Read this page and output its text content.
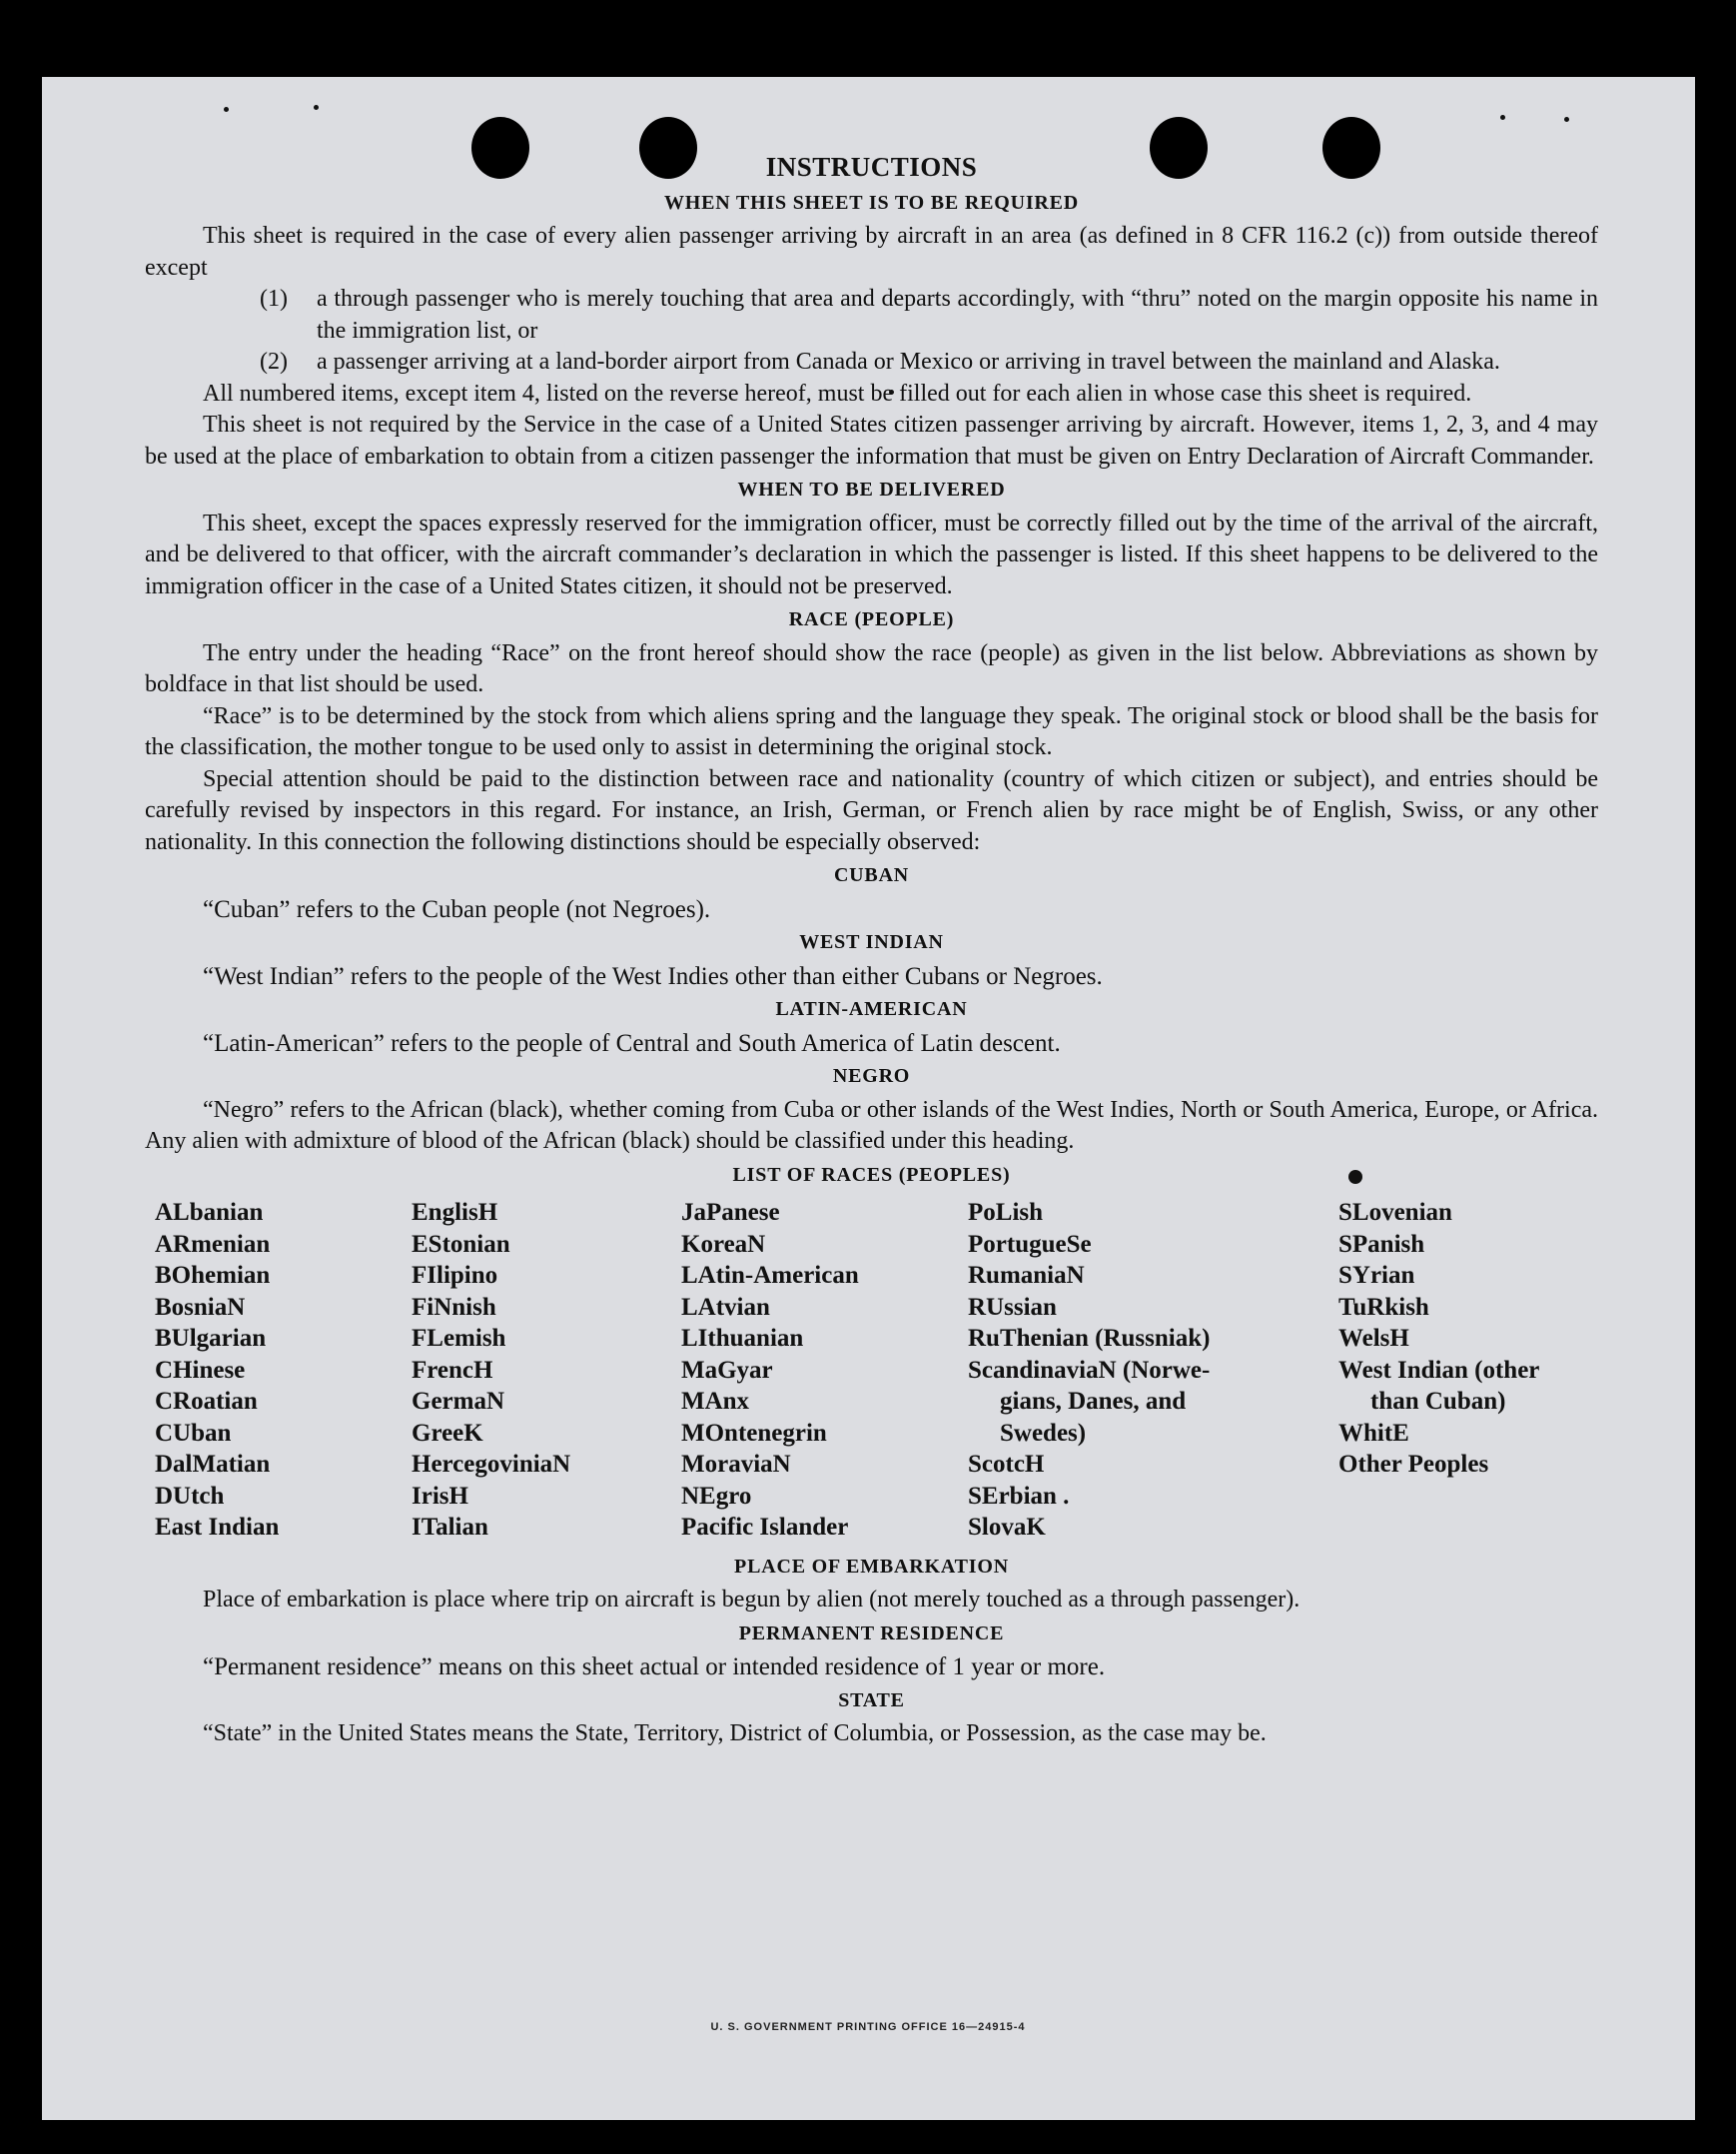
INSTRUCTIONS
WHEN THIS SHEET IS TO BE REQUIRED

This sheet is required in the case of every alien passenger arriving by aircraft in an area (as defined in 8 CFR 116.2 (c)) from outside thereof except

(1)	a through passenger who is merely touching that area and departs accordingly, with “thru” noted on the margin opposite his name in the immigration list, or
(2)	a passenger arriving at a land-border airport from Canada or Mexico or arriving in travel between the mainland and Alaska.

All numbered items, except item 4, listed on the reverse hereof, must be filled out for each alien in whose case this sheet is required.

This sheet is not required by the Service in the case of a United States citizen passenger arriving by aircraft. However, items 1, 2, 3, and 4 may be used at the place of embarkation to obtain from a citizen passenger the information that must be given on Entry Declaration of Aircraft Commander.

WHEN TO BE DELIVERED

This sheet, except the spaces expressly reserved for the immigration officer, must be correctly filled out by the time of the arrival of the aircraft, and be delivered to that officer, with the aircraft commander’s declaration in which the passenger is listed. If this sheet happens to be delivered to the immigration officer in the case of a United States citizen, it should not be preserved.

RACE (PEOPLE)

The entry under the heading “Race” on the front hereof should show the race (people) as given in the list below. Abbreviations as shown by boldface in that list should be used.

“Race” is to be determined by the stock from which aliens spring and the language they speak. The original stock or blood shall be the basis for the classification, the mother tongue to be used only to assist in determining the original stock.

Special attention should be paid to the distinction between race and nationality (country of which citizen or subject), and entries should be carefully revised by inspectors in this regard. For instance, an Irish, German, or French alien by race might be of English, Swiss, or any other nationality. In this connection the following distinctions should be especially observed:

CUBAN
“Cuban” refers to the Cuban people (not Negroes).
WEST INDIAN
“West Indian” refers to the people of the West Indies other than either Cubans or Negroes.
LATIN-AMERICAN
“Latin-American” refers to the people of Central and South America of Latin descent.
NEGRO

“Negro” refers to the African (black), whether coming from Cuba or other islands of the West Indies, North or South America, Europe, or Africa. Any alien with admixture of blood of the African (black) should be classified under this heading.

LIST OF RACES (PEOPLES)
ALbanian
ARmenian
BOhemian
BosniaN
BUlgarian
CHinese
CRoatian
CUban
DalMatian
DUtch
East Indian
EnglisH
EStonian
FIlipino
FiNnish
FLemish
FrencH
GermaN
GreeK
HercegoviniaN
IrisH
ITalian
JaPanese
KoreaN
LAtin-American
LAtvian
LIthuanian
MaGyar
MAnx
MOntenegrin
MoraviaN
NEgro
Pacific Islander
PoLish
PortugueSe
RumaniaN
RUssian
RuThenian (Russniak)
ScandinaviaN (Norwe-
gians, Danes, and
Swedes)
ScotcH
SErbian .
SlovaK
SLovenian
SPanish
SYrian
TuRkish
WelsH
West Indian (other
than Cuban)
WhitE
Other Peoples
PLACE OF EMBARKATION

Place of embarkation is place where trip on aircraft is begun by alien (not merely touched as a through passenger).

PERMANENT RESIDENCE
“Permanent residence” means on this sheet actual or intended residence of 1 year or more.
STATE

“State” in the United States means the State, Territory, District of Columbia, or Possession, as the case may be.

U. S. GOVERNMENT PRINTING OFFICE 16—24915-4
